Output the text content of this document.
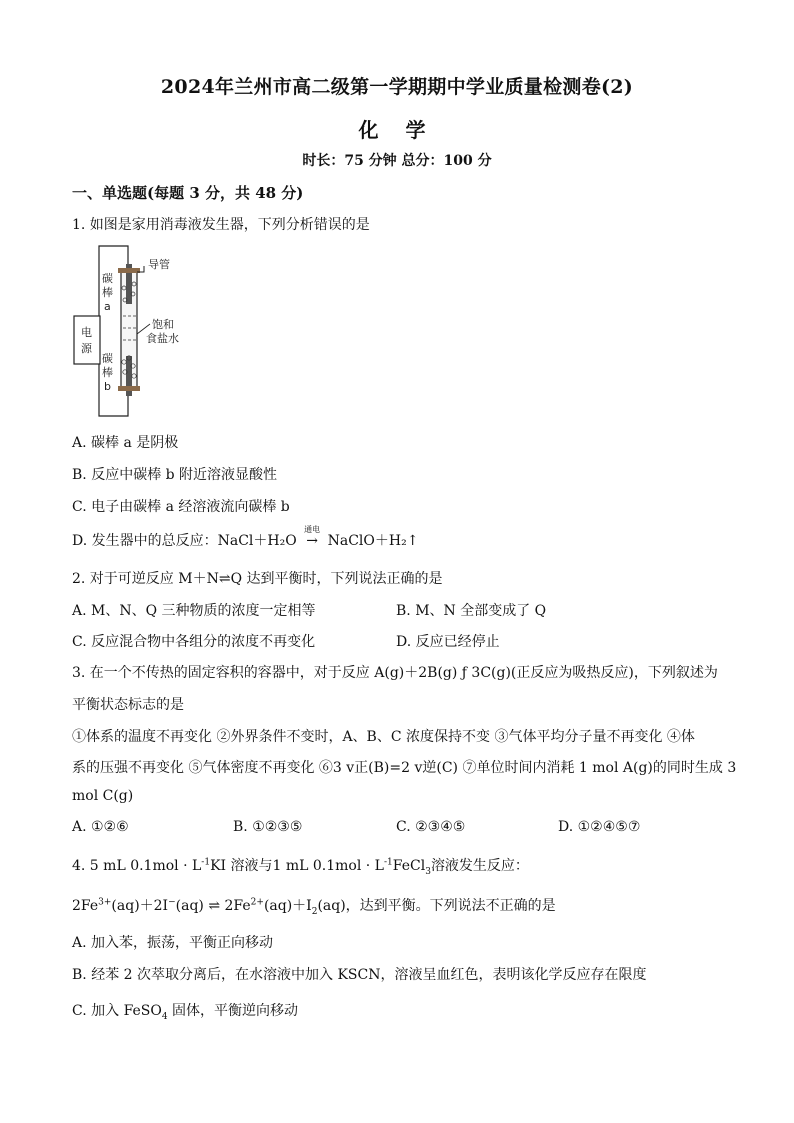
2024年兰州市高二级第一学期期中学业质量检测卷(2)
化 学
时长：75 分钟 总分：100 分
一、单选题(每题 3 分，共 48 分)
1. 如图是家用消毒液发生器，下列分析错误的是
导管
碳
棒
a
电
源
饱和
食盐水
碳
棒
b
A. 碳棒 a 是阴极
B. 反应中碳棒 b 附近溶液显酸性
C. 电子由碳棒 a 经溶液流向碳棒 b
D. 发生器中的总反应：NaCl＋H₂O
通电
→ NaClO＋H₂↑
2. 对于可逆反应 M＋N⇌Q 达到平衡时，下列说法正确的是
A. M、N、Q 三种物质的浓度一定相等	B. M、N 全部变成了 Q
C. 反应混合物中各组分的浓度不再变化	D. 反应已经停止
3. 在一个不传热的固定容积的容器中，对于反应 A(g)＋2B(g) ƒ 3C(g)(正反应为吸热反应)，下列叙述为
平衡状态标志的是
①体系的温度不再变化 ②外界条件不变时，A、B、C 浓度保持不变 ③气体平均分子量不再变化 ④体
系的压强不再变化 ⑤气体密度不再变化 ⑥3 v正(B)=2 v逆(C) ⑦单位时间内消耗 1 mol A(g)的同时生成 3
mol C(g)
A. ①②⑥	B. ①②③⑤	C. ②③④⑤	D. ①②④⑤⑦
4. 5 mL $0.1mol \cdot L^{-1}KI$ 溶液与1 mL $0.1mol \cdot L^{-1}FeCl_3$溶液发生反应：
$2Fe^{3+}(aq)+2I^-(aq)$ ⇌ $2Fe^{2+}(aq)+I_2(aq)$，达到平衡。下列说法不正确的是
A. 加入苯，振荡，平衡正向移动
B. 经苯 2 次萃取分离后，在水溶液中加入 KSCN，溶液呈血红色，表明该化学反应存在限度
C. 加入 FeSO$_4$ 固体，平衡逆向移动
